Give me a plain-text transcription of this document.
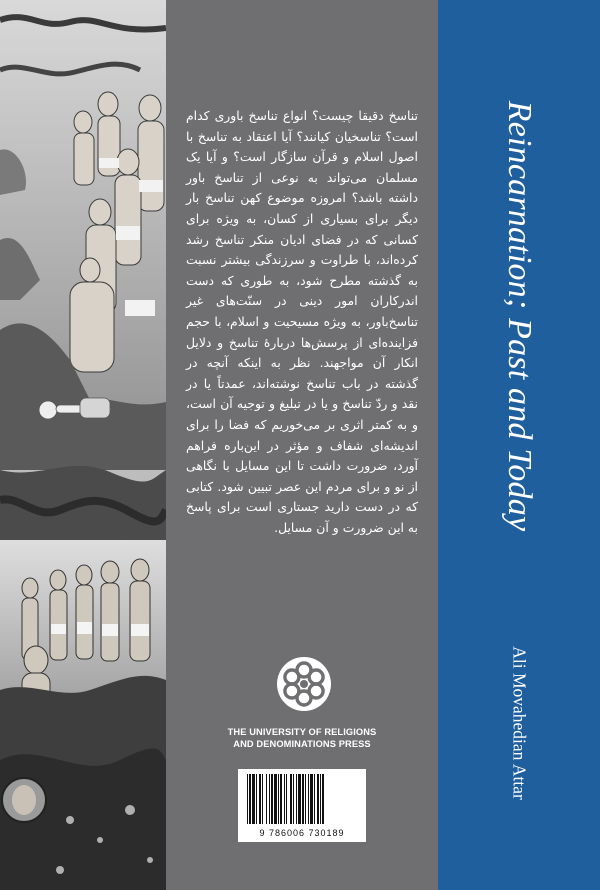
تناسخ دقیقا چیست؟ انواع تناسخ باوری کدام است؟ تناسخیان کیانند؟ آیا اعتقاد به تناسخ با اصول اسلام و قرآن سازگار است؟ و آیا یک مسلمان می‌تواند به نوعی از تناسخ باور داشته باشد؟ امروزه موضوع کهن تناسخ بار دیگر برای بسیاری از کسان، به ویژه برای کسانی که در فضای ادیان منکر تناسخ رشد کرده‌اند، با طراوت و سرزندگی بیشتر نسبت به گذشته مطرح شود، به طوری که دست اندرکاران امور دینی در سنّت‌های غیر تناسخ‌باور، به ویژه مسیحیت و اسلام، با حجم فزاینده‌ای از پرسش‌ها دربارهٔ تناسخ و دلایل انکار آن مواجهند. نظر به اینکه آنچه در گذشته در باب تناسخ نوشته‌اند، عمدتاً یا در نقد و ردّ تناسخ و یا در تبلیغ و توجیه آن است، و به کمتر اثری بر می‌خوریم که فضا را برای اندیشه‌ای شفاف و مؤثر در این‌باره فراهم آورد، ضرورت داشت تا این مسایل با نگاهی از نو و برای مردم این عصر تبیین شود. کتابی که در دست دارید جستاری است برای پاسخ به این ضرورت و آن مسایل.

THE UNIVERSITY OF RELIGIONS
AND DENOMINATIONS PRESS
9 786006 730189
Reincarnation; Past and Today
Ali Movahedian Attar
